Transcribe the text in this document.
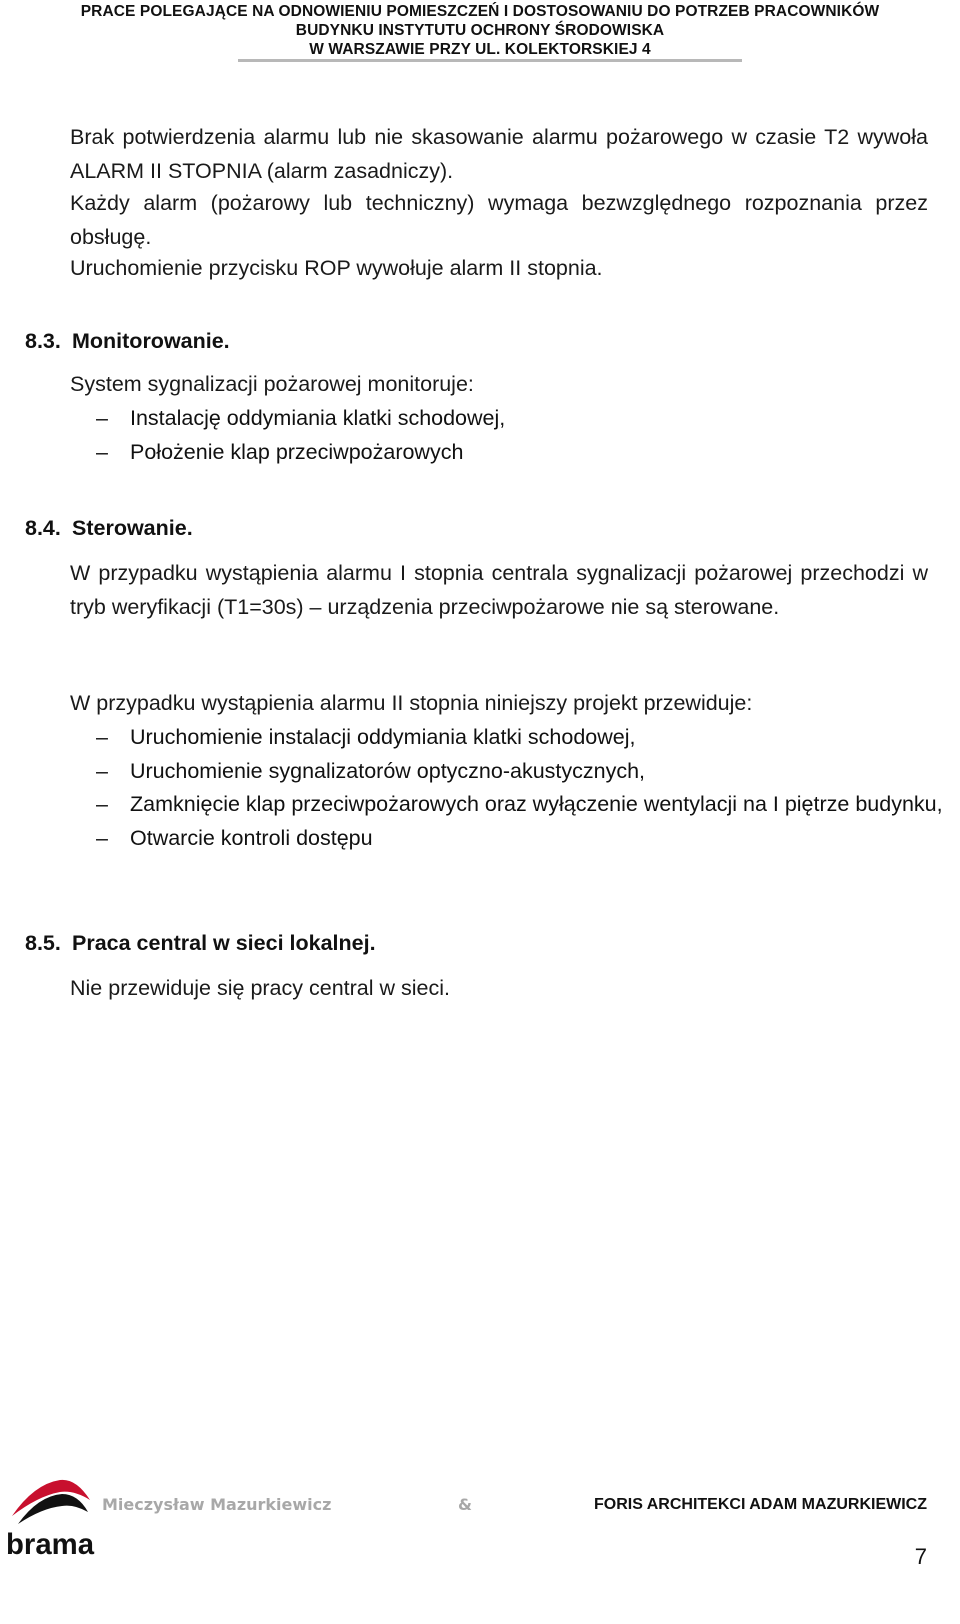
PRACE POLEGAJĄCE NA ODNOWIENIU POMIESZCZEŃ I DOSTOSOWANIU DO POTRZEB PRACOWNIKÓW
BUDYNKU INSTYTUTU OCHRONY ŚRODOWISKA
W WARSZAWIE PRZY UL. KOLEKTORSKIEJ 4
Brak potwierdzenia alarmu lub nie skasowanie alarmu pożarowego w czasie T2 wywoła ALARM II STOPNIA (alarm zasadniczy).
Każdy alarm (pożarowy lub techniczny) wymaga bezwzględnego rozpoznania przez obsługę.
Uruchomienie przycisku ROP wywołuje alarm II stopnia.
8.3. Monitorowanie.
System sygnalizacji pożarowej monitoruje:
– Instalację oddymiania klatki schodowej,
– Położenie klap przeciwpożarowych
8.4. Sterowanie.
W przypadku wystąpienia alarmu I stopnia centrala sygnalizacji pożarowej przechodzi w tryb weryfikacji (T1=30s) – urządzenia przeciwpożarowe nie są sterowane.
W przypadku wystąpienia alarmu II stopnia niniejszy projekt przewiduje:
– Uruchomienie instalacji oddymiania klatki schodowej,
– Uruchomienie sygnalizatorów optyczno-akustycznych,
– Zamknięcie klap przeciwpożarowych oraz wyłączenie wentylacji na I piętrze budynku,
– Otwarcie kontroli dostępu
8.5. Praca central w sieci lokalnej.
Nie przewiduje się pracy central w sieci.
brama
Mieczysław Mazurkiewicz	&	FORIS ARCHITEKCI ADAM MAZURKIEWICZ
7
